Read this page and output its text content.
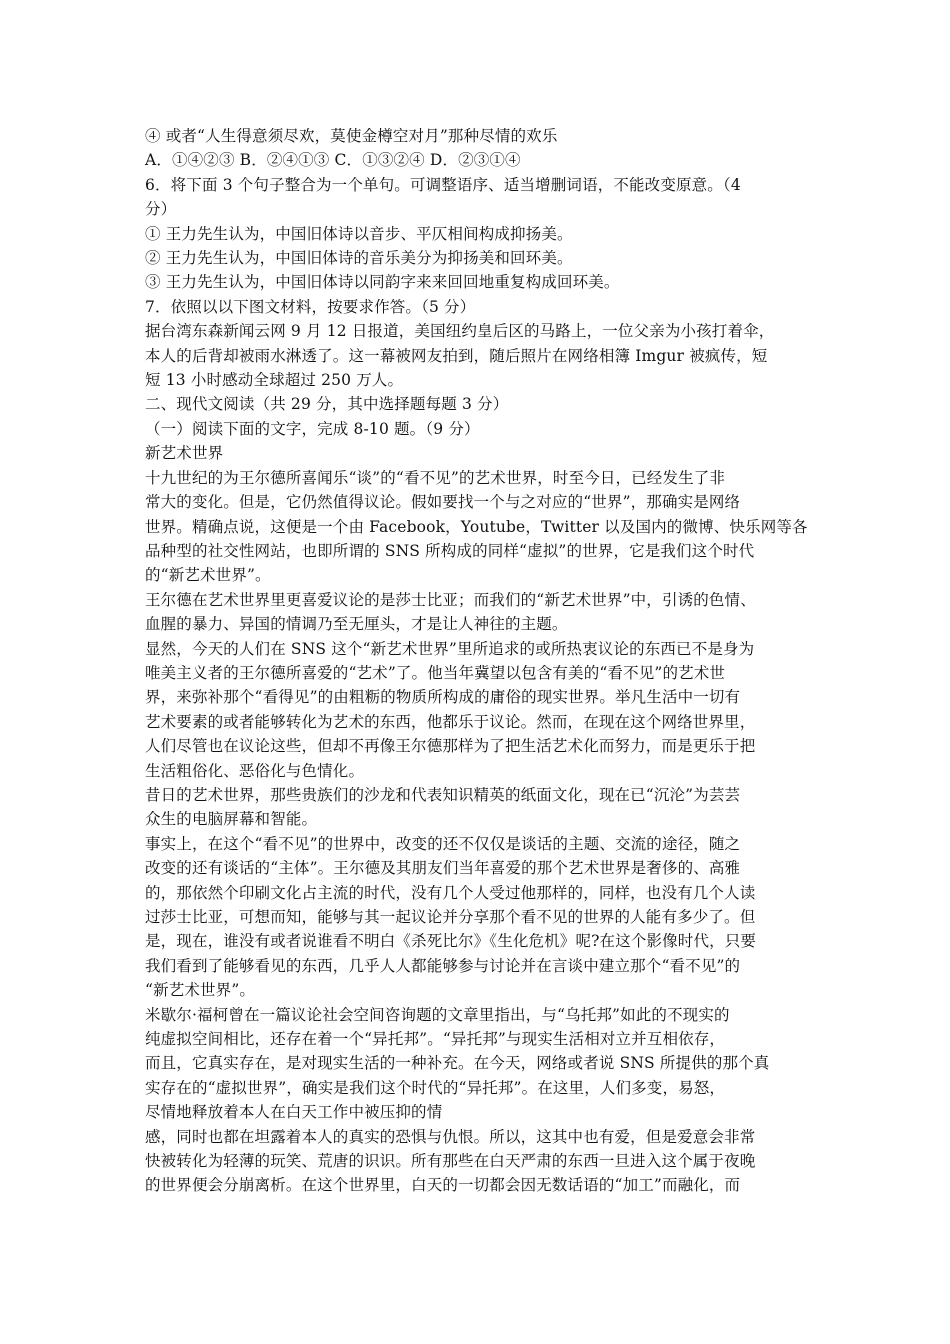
④ 或者“人生得意须尽欢，莫使金樽空对月”那种尽情的欢乐
A．①④②③ B．②④①③ C．①③②④ D．②③①④
6．将下面 3 个句子整合为一个单句。可调整语序、适当增删词语，不能改变原意。（4
分）
① 王力先生认为，中国旧体诗以音步、平仄相间构成抑扬美。
② 王力先生认为，中国旧体诗的音乐美分为抑扬美和回环美。
③ 王力先生认为，中国旧体诗以同韵字来来回回地重复构成回环美。
7．依照以以下图文材料，按要求作答。（5 分）
据台湾东森新闻云网 9 月 12 日报道，美国纽约皇后区的马路上，一位父亲为小孩打着伞，
本人的后背却被雨水淋透了。这一幕被网友拍到，随后照片在网络相簿 Imgur 被疯传，短
短 13 小时感动全球超过 250 万人。
二、现代文阅读（共 29 分，其中选择题每题 3 分）
（一）阅读下面的文字，完成 8-10 题。（9 分）
新艺术世界
十九世纪的为王尔德所喜闻乐“谈”的“看不见”的艺术世界，时至今日，已经发生了非
常大的变化。但是，它仍然值得议论。假如要找一个与之对应的“世界”，那确实是网络
世界。精确点说，这便是一个由 Facebook，Youtube，Twitter 以及国内的微博、快乐网等各
品种型的社交性网站，也即所谓的 SNS 所构成的同样“虚拟”的世界，它是我们这个时代
的“新艺术世界”。
王尔德在艺术世界里更喜爱议论的是莎士比亚；而我们的“新艺术世界”中，引诱的色情、
血腥的暴力、异国的情调乃至无厘头，才是让人神往的主题。
显然，今天的人们在 SNS 这个“新艺术世界”里所追求的或所热衷议论的东西已不是身为
唯美主义者的王尔德所喜爱的“艺术”了。他当年冀望以包含有美的“看不见”的艺术世
界，来弥补那个“看得见”的由粗粝的物质所构成的庸俗的现实世界。举凡生活中一切有
艺术要素的或者能够转化为艺术的东西，他都乐于议论。然而，在现在这个网络世界里，
人们尽管也在议论这些，但却不再像王尔德那样为了把生活艺术化而努力，而是更乐于把
生活粗俗化、恶俗化与色情化。
昔日的艺术世界，那些贵族们的沙龙和代表知识精英的纸面文化，现在已“沉沦”为芸芸
众生的电脑屏幕和智能。
事实上，在这个“看不见”的世界中，改变的还不仅仅是谈话的主题、交流的途径，随之
改变的还有谈话的“主体”。王尔德及其朋友们当年喜爱的那个艺术世界是奢侈的、高雅
的，那依然个印刷文化占主流的时代，没有几个人受过他那样的，同样，也没有几个人读
过莎士比亚，可想而知，能够与其一起议论并分享那个看不见的世界的人能有多少了。但
是，现在，谁没有或者说谁看不明白《杀死比尔》《生化危机》呢?在这个影像时代，只要
我们看到了能够看见的东西，几乎人人都能够参与讨论并在言谈中建立那个“看不见”的
“新艺术世界”。
米歇尔·福柯曾在一篇议论社会空间咨询题的文章里指出，与“乌托邦”如此的不现实的
纯虚拟空间相比，还存在着一个“异托邦”。“异托邦”与现实生活相对立并互相依存，
而且，它真实存在，是对现实生活的一种补充。在今天，网络或者说 SNS 所提供的那个真
实存在的“虚拟世界”，确实是我们这个时代的“异托邦”。在这里，人们多变，易怒，
尽情地释放着本人在白天工作中被压抑的情
感，同时也都在坦露着本人的真实的恐惧与仇恨。所以，这其中也有爱，但是爱意会非常
快被转化为轻薄的玩笑、荒唐的识识。所有那些在白天严肃的东西一旦进入这个属于夜晚
的世界便会分崩离析。在这个世界里，白天的一切都会因无数话语的“加工”而融化，而
